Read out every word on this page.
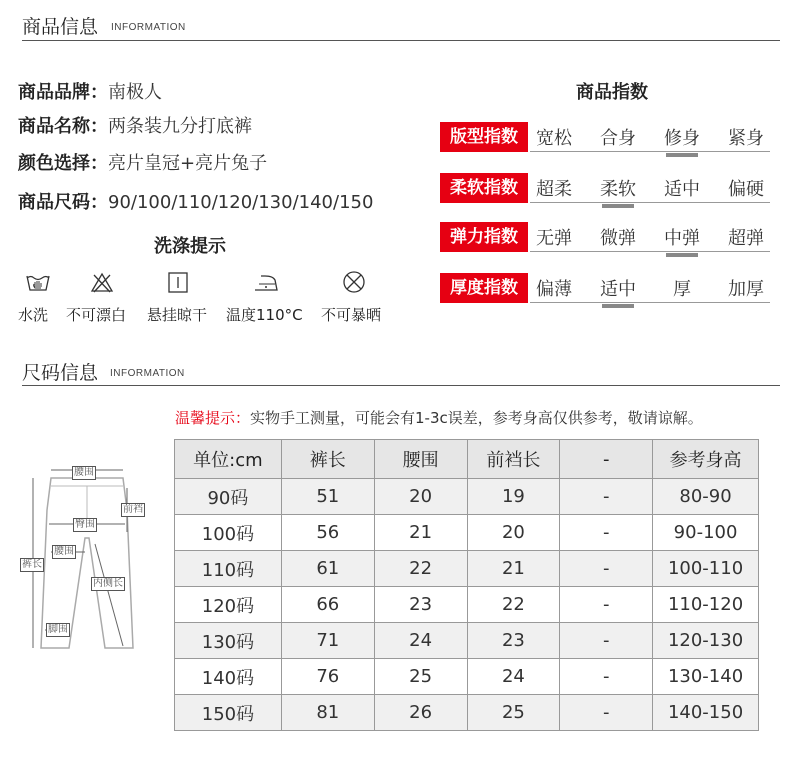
商品信息 INFORMATION
商品品牌：南极人
商品名称：两条装九分打底裤
颜色选择：亮片皇冠+亮片兔子
商品尺码：90/100/110/120/130/140/150
洗涤提示
水洗 不可漂白 悬挂晾干 温度110°C 不可暴晒
商品指数
版型指数	宽松	合身	修身	紧身
柔软指数	超柔	柔软	适中	偏硬
弹力指数	无弹	微弹	中弹	超弹
厚度指数	偏薄	适中	厚	加厚
尺码信息 INFORMATION
温馨提示：实物手工测量，可能会有1-3c误差，参考身高仅供参考，敬请谅解。
腰围
前裆
臀围
腰围
裤长
内侧长
脚围
单位:cm	裤长	腰围	前裆长	-	参考身高
90码	51	20	19	-	80-90
100码	56	21	20	-	90-100
110码	61	22	21	-	100-110
120码	66	23	22	-	110-120
130码	71	24	23	-	120-130
140码	76	25	24	-	130-140
150码	81	26	25	-	140-150
